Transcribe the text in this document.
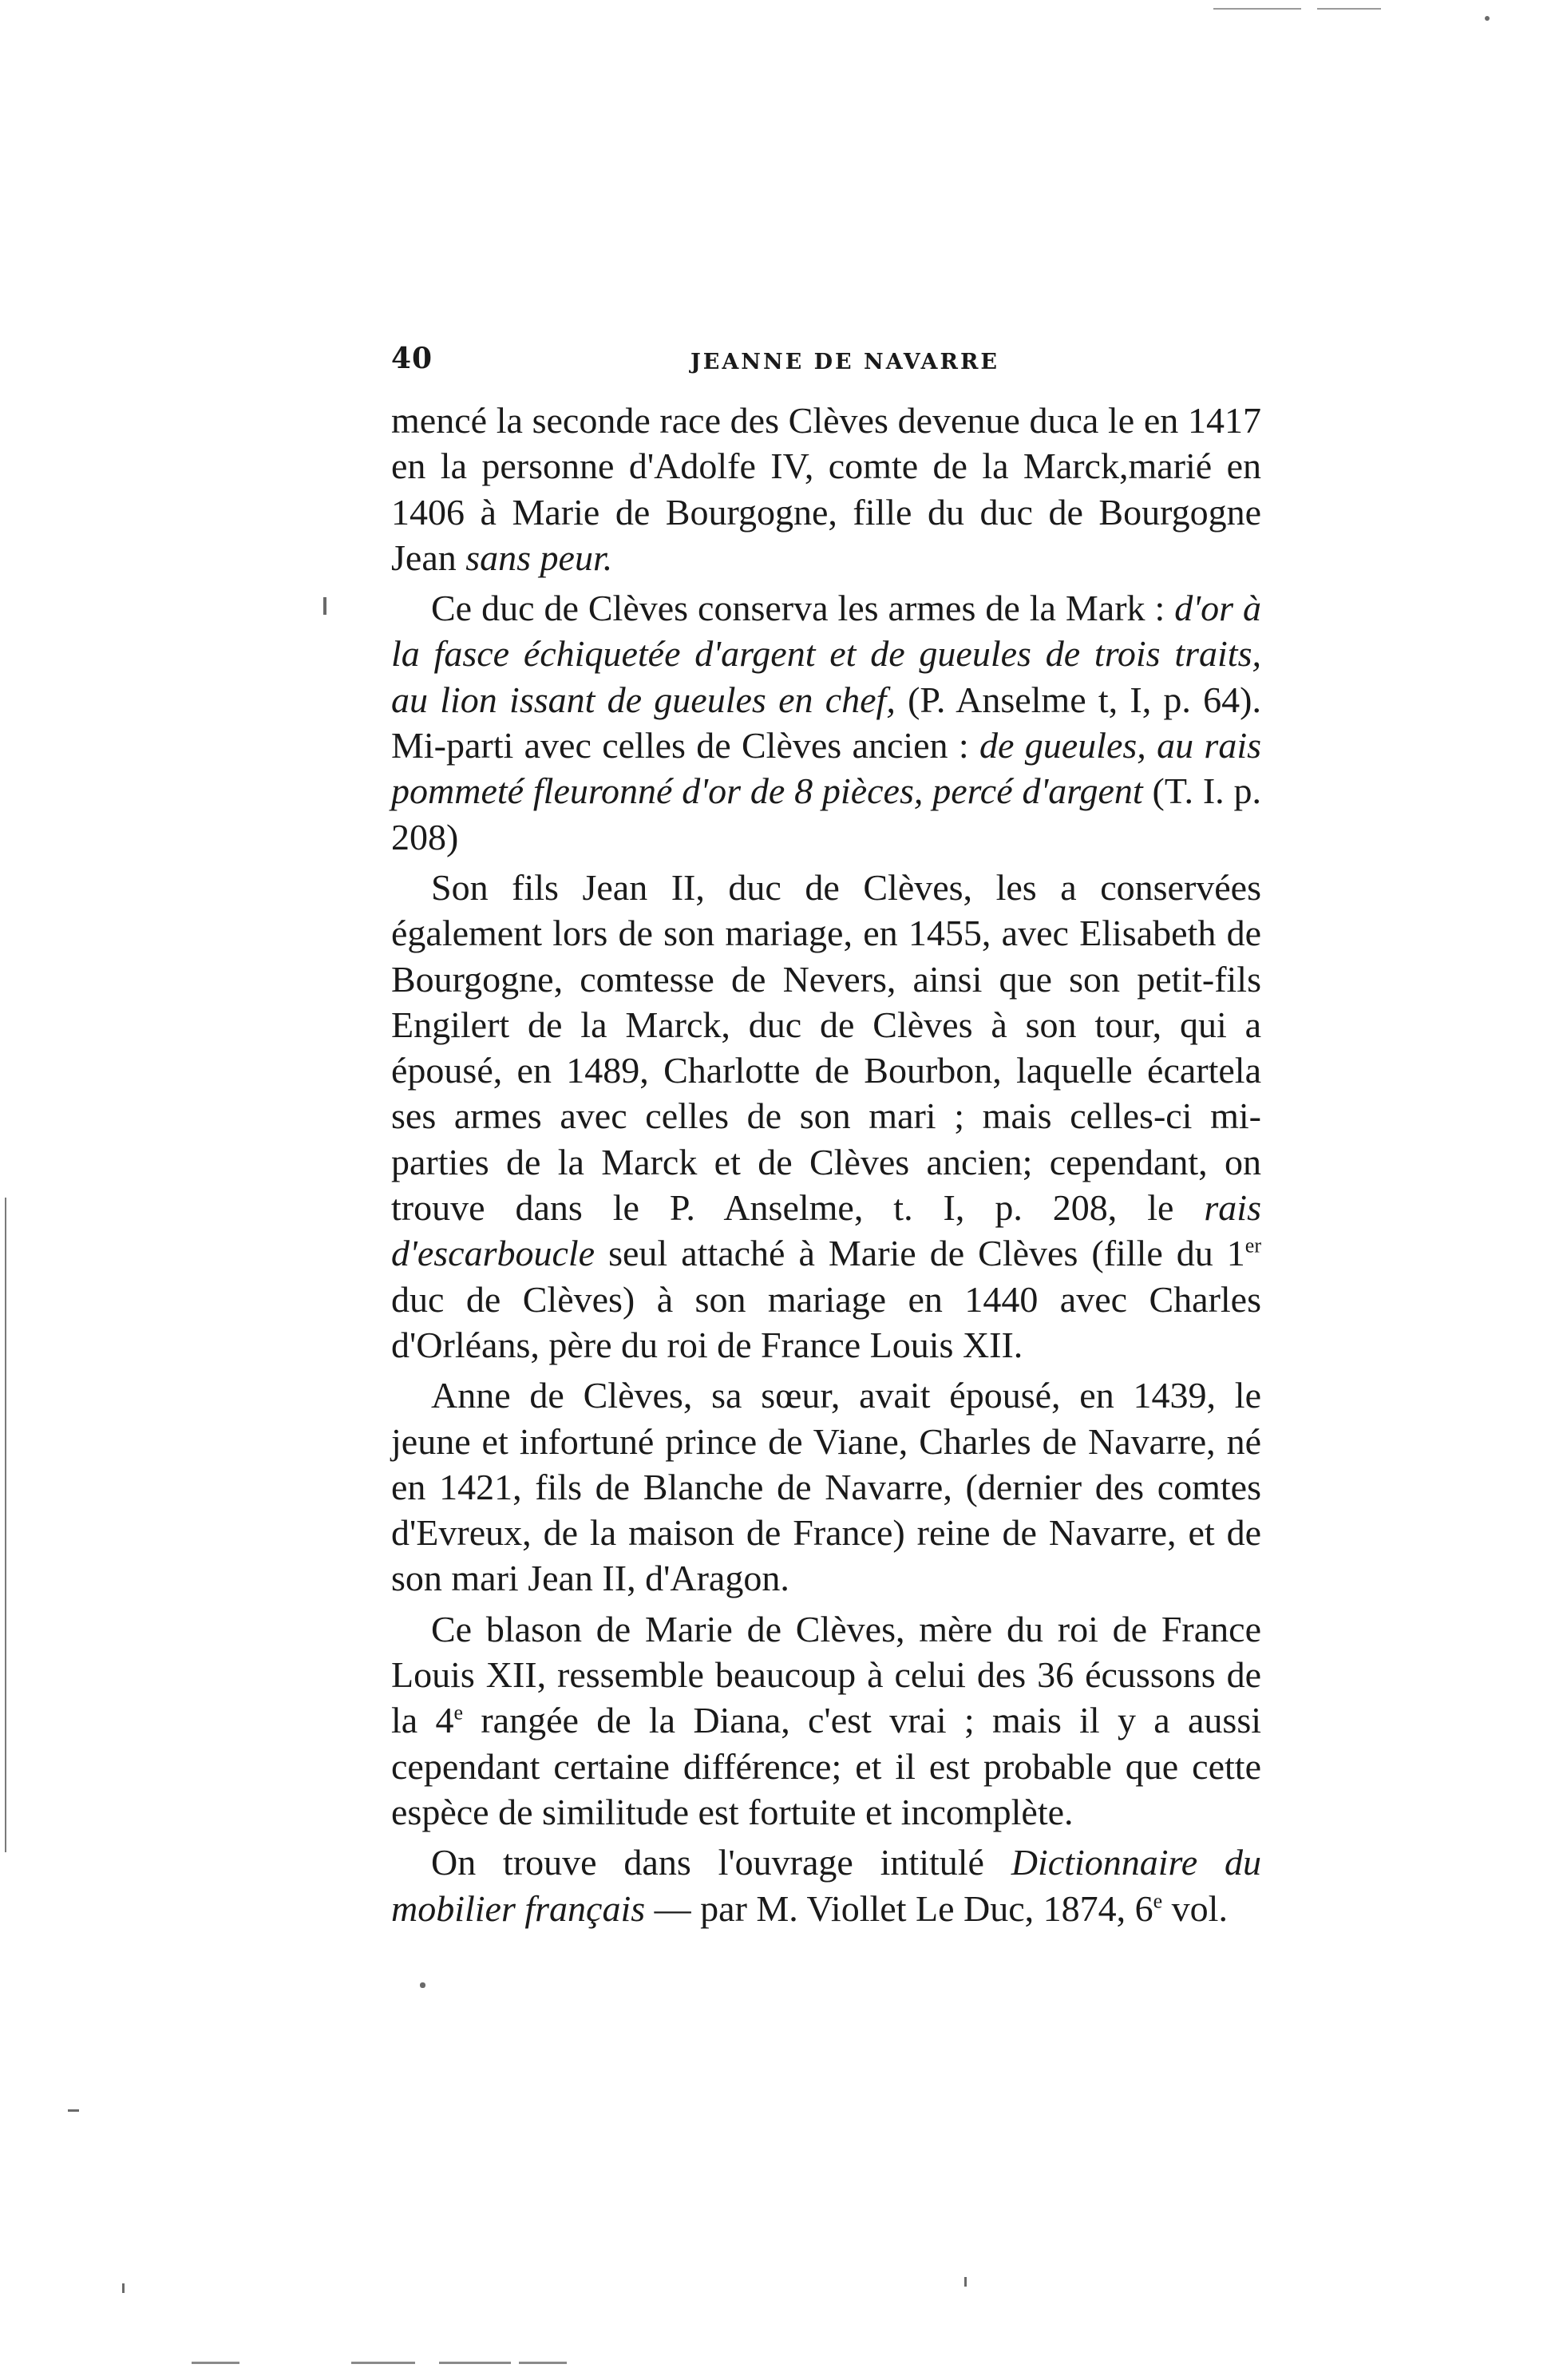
40	JEANNE DE NAVARRE

mencé la seconde race des Clèves devenue duca le en 1417 en la personne d'Adolfe IV, comte de la Marck,marié en 1406 à Marie de Bourgogne, fille du duc de Bourgogne Jean sans peur.

Ce duc de Clèves conserva les armes de la Mark : d'or à la fasce échiquetée d'argent et de gueules de trois traits, au lion issant de gueules en chef, (P. Anselme t, I, p. 64). Mi-parti avec celles de Clèves ancien : de gueules, au rais pommeté fleuronné d'or de 8 pièces, percé d'argent (T. I. p. 208)

Son fils Jean II, duc de Clèves, les a conservées également lors de son mariage, en 1455, avec Elisabeth de Bourgogne, comtesse de Nevers, ainsi que son petit-fils Engilert de la Marck, duc de Clèves à son tour, qui a épousé, en 1489, Charlotte de Bourbon, laquelle écartela ses armes avec celles de son mari ; mais celles-ci mi-parties de la Marck et de Clèves ancien; cependant, on trouve dans le P. Anselme, t. I, p. 208, le rais d'escarboucle seul attaché à Marie de Clèves (fille du 1er duc de Clèves) à son mariage en 1440 avec Charles d'Orléans, père du roi de France Louis XII.

Anne de Clèves, sa sœur, avait épousé, en 1439, le jeune et infortuné prince de Viane, Charles de Navarre, né en 1421, fils de Blanche de Navarre, (dernier des comtes d'Evreux, de la maison de France) reine de Navarre, et de son mari Jean II, d'Aragon.

Ce blason de Marie de Clèves, mère du roi de France Louis XII, ressemble beaucoup à celui des 36 écussons de la 4e rangée de la Diana, c'est vrai ; mais il y a aussi cependant certaine différence; et il est probable que cette espèce de similitude est fortuite et incomplète.

On trouve dans l'ouvrage intitulé Dictionnaire du mobilier français — par M. Viollet Le Duc, 1874, 6e vol.
